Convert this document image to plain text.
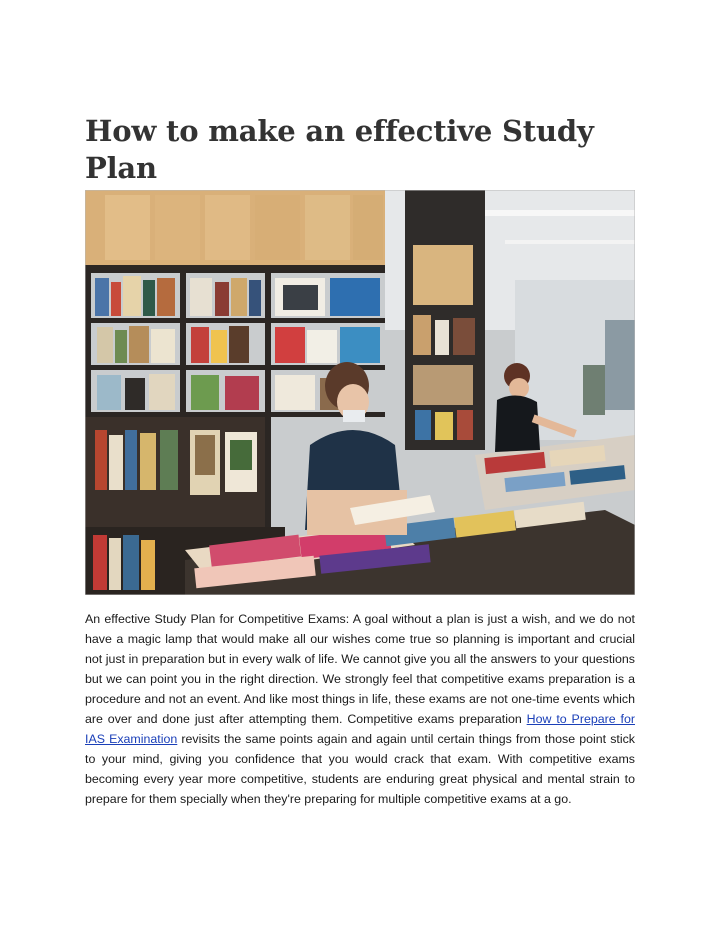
How to make an effective Study Plan

An effective Study Plan for Competitive Exams: A goal without a plan is just a wish, and we do not have a magic lamp that would make all our wishes come true so planning is important and crucial not just in preparation but in every walk of life. We cannot give you all the answers to your questions but we can point you in the right direction. We strongly feel that competitive exams preparation is a procedure and not an event. And like most things in life, these exams are not one-time events which are over and done just after attempting them. Competitive exams preparation How to Prepare for IAS Examination revisits the same points again and again until certain things from those point stick to your mind, giving you confidence that you would crack that exam. With competitive exams becoming every year more competitive, students are enduring great physical and mental strain to prepare for them specially when they're preparing for multiple competitive exams at a go.
